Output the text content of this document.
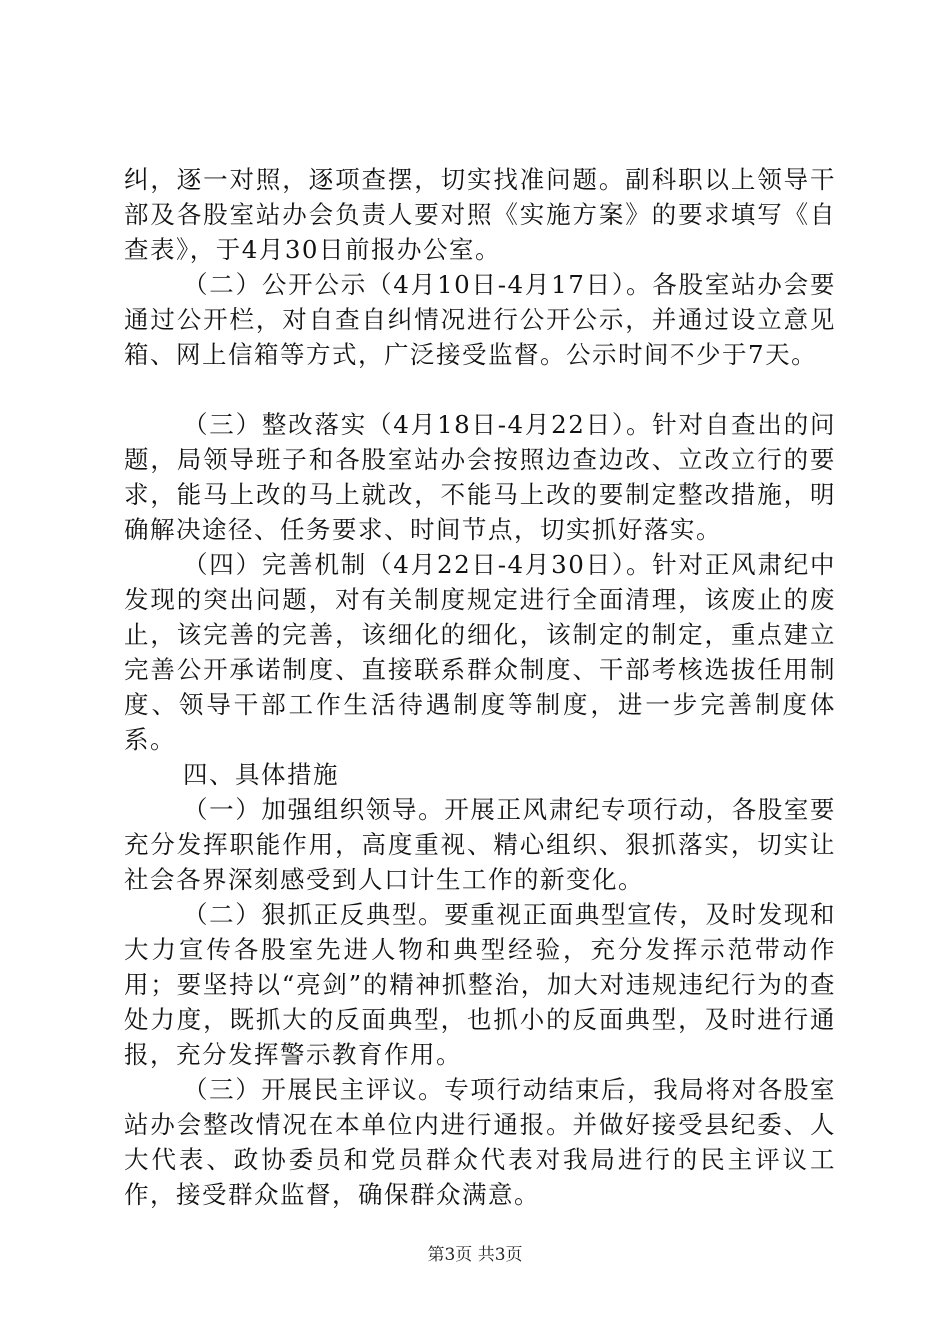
纠，逐一对照，逐项查摆，切实找准问题。副科职以上领导干部及各股室站办会负责人要对照《实施方案》的要求填写《自查表》，于4月30日前报办公室。

（二）公开公示（4月10日-4月17日）。各股室站办会要通过公开栏，对自查自纠情况进行公开公示，并通过设立意见箱、网上信箱等方式，广泛接受监督。公示时间不少于7天。

（三）整改落实（4月18日-4月22日）。针对自查出的问题，局领导班子和各股室站办会按照边查边改、立改立行的要求，能马上改的马上就改，不能马上改的要制定整改措施，明确解决途径、任务要求、时间节点，切实抓好落实。

（四）完善机制（4月22日-4月30日）。针对正风肃纪中发现的突出问题，对有关制度规定进行全面清理，该废止的废止，该完善的完善，该细化的细化，该制定的制定，重点建立完善公开承诺制度、直接联系群众制度、干部考核选拔任用制度、领导干部工作生活待遇制度等制度，进一步完善制度体系。

四、具体措施

（一）加强组织领导。开展正风肃纪专项行动，各股室要充分发挥职能作用，高度重视、精心组织、狠抓落实，切实让社会各界深刻感受到人口计生工作的新变化。

（二）狠抓正反典型。要重视正面典型宣传，及时发现和大力宣传各股室先进人物和典型经验，充分发挥示范带动作用；要坚持以“亮剑”的精神抓整治，加大对违规违纪行为的查处力度，既抓大的反面典型，也抓小的反面典型，及时进行通报，充分发挥警示教育作用。

（三）开展民主评议。专项行动结束后，我局将对各股室站办会整改情况在本单位内进行通报。并做好接受县纪委、人大代表、政协委员和党员群众代表对我局进行的民主评议工作，接受群众监督，确保群众满意。

第3页 共3页
